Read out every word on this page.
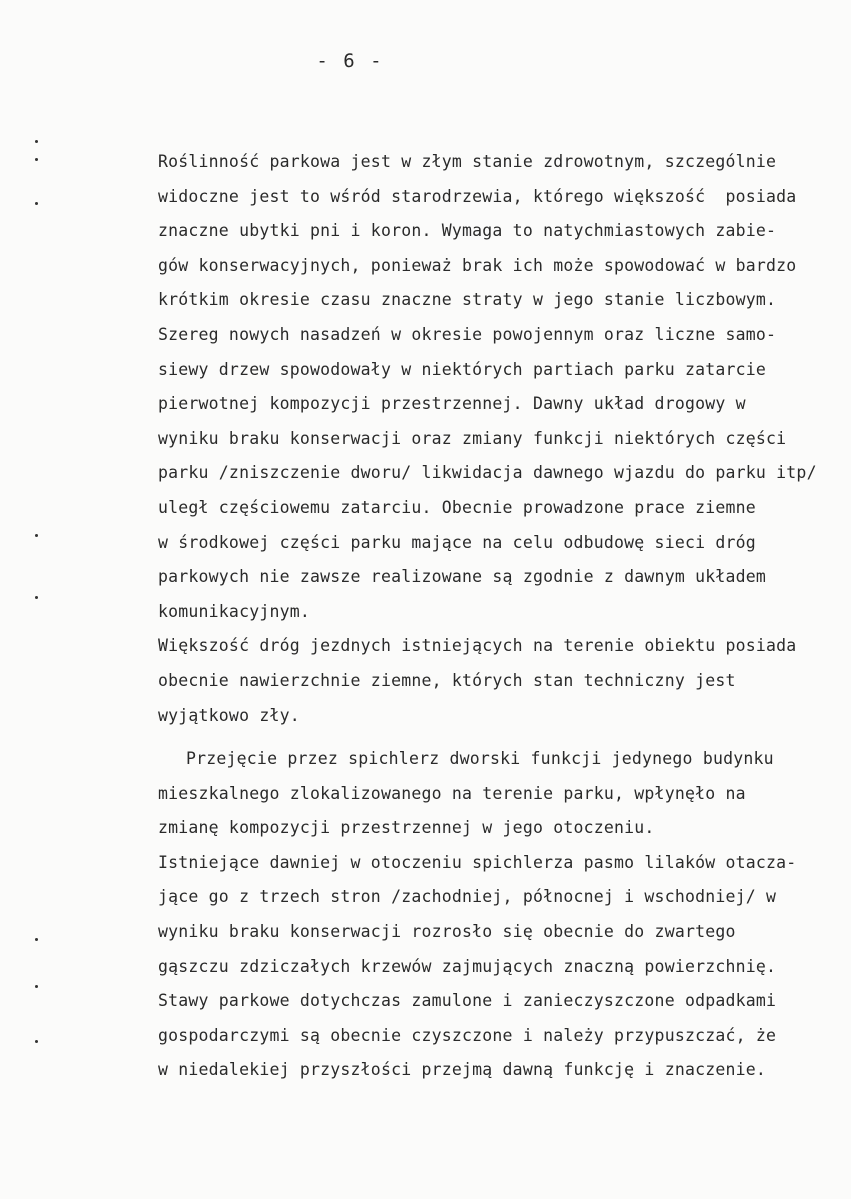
- 6 -
Roślinność parkowa jest w złym stanie zdrowotnym, szczególnie
widoczne jest to wśród starodrzewia, którego większość  posiada
znaczne ubytki pni i koron. Wymaga to natychmiastowych zabie-
gów konserwacyjnych, ponieważ brak ich może spowodować w bardzo
krótkim okresie czasu znaczne straty w jego stanie liczbowym.
Szereg nowych nasadzeń w okresie powojennym oraz liczne samo-
siewy drzew spowodowały w niektórych partiach parku zatarcie
pierwotnej kompozycji przestrzennej. Dawny układ drogowy w
wyniku braku konserwacji oraz zmiany funkcji niektórych części
parku /zniszczenie dworu/ likwidacja dawnego wjazdu do parku itp/
uległ częściowemu zatarciu. Obecnie prowadzone prace ziemne
w środkowej części parku mające na celu odbudowę sieci dróg
parkowych nie zawsze realizowane są zgodnie z dawnym układem
komunikacyjnym.
Większość dróg jezdnych istniejących na terenie obiektu posiada
obecnie nawierzchnie ziemne, których stan techniczny jest
wyjątkowo zły.
Przejęcie przez spichlerz dworski funkcji jedynego budynku
mieszkalnego zlokalizowanego na terenie parku, wpłynęło na
zmianę kompozycji przestrzennej w jego otoczeniu.
Istniejące dawniej w otoczeniu spichlerza pasmo lilaków otacza-
jące go z trzech stron /zachodniej, północnej i wschodniej/ w
wyniku braku konserwacji rozrosło się obecnie do zwartego
gąszczu zdziczałych krzewów zajmujących znaczną powierzchnię.
Stawy parkowe dotychczas zamulone i zanieczyszczone odpadkami
gospodarczymi są obecnie czyszczone i należy przypuszczać, że
w niedalekiej przyszłości przejmą dawną funkcję i znaczenie.
